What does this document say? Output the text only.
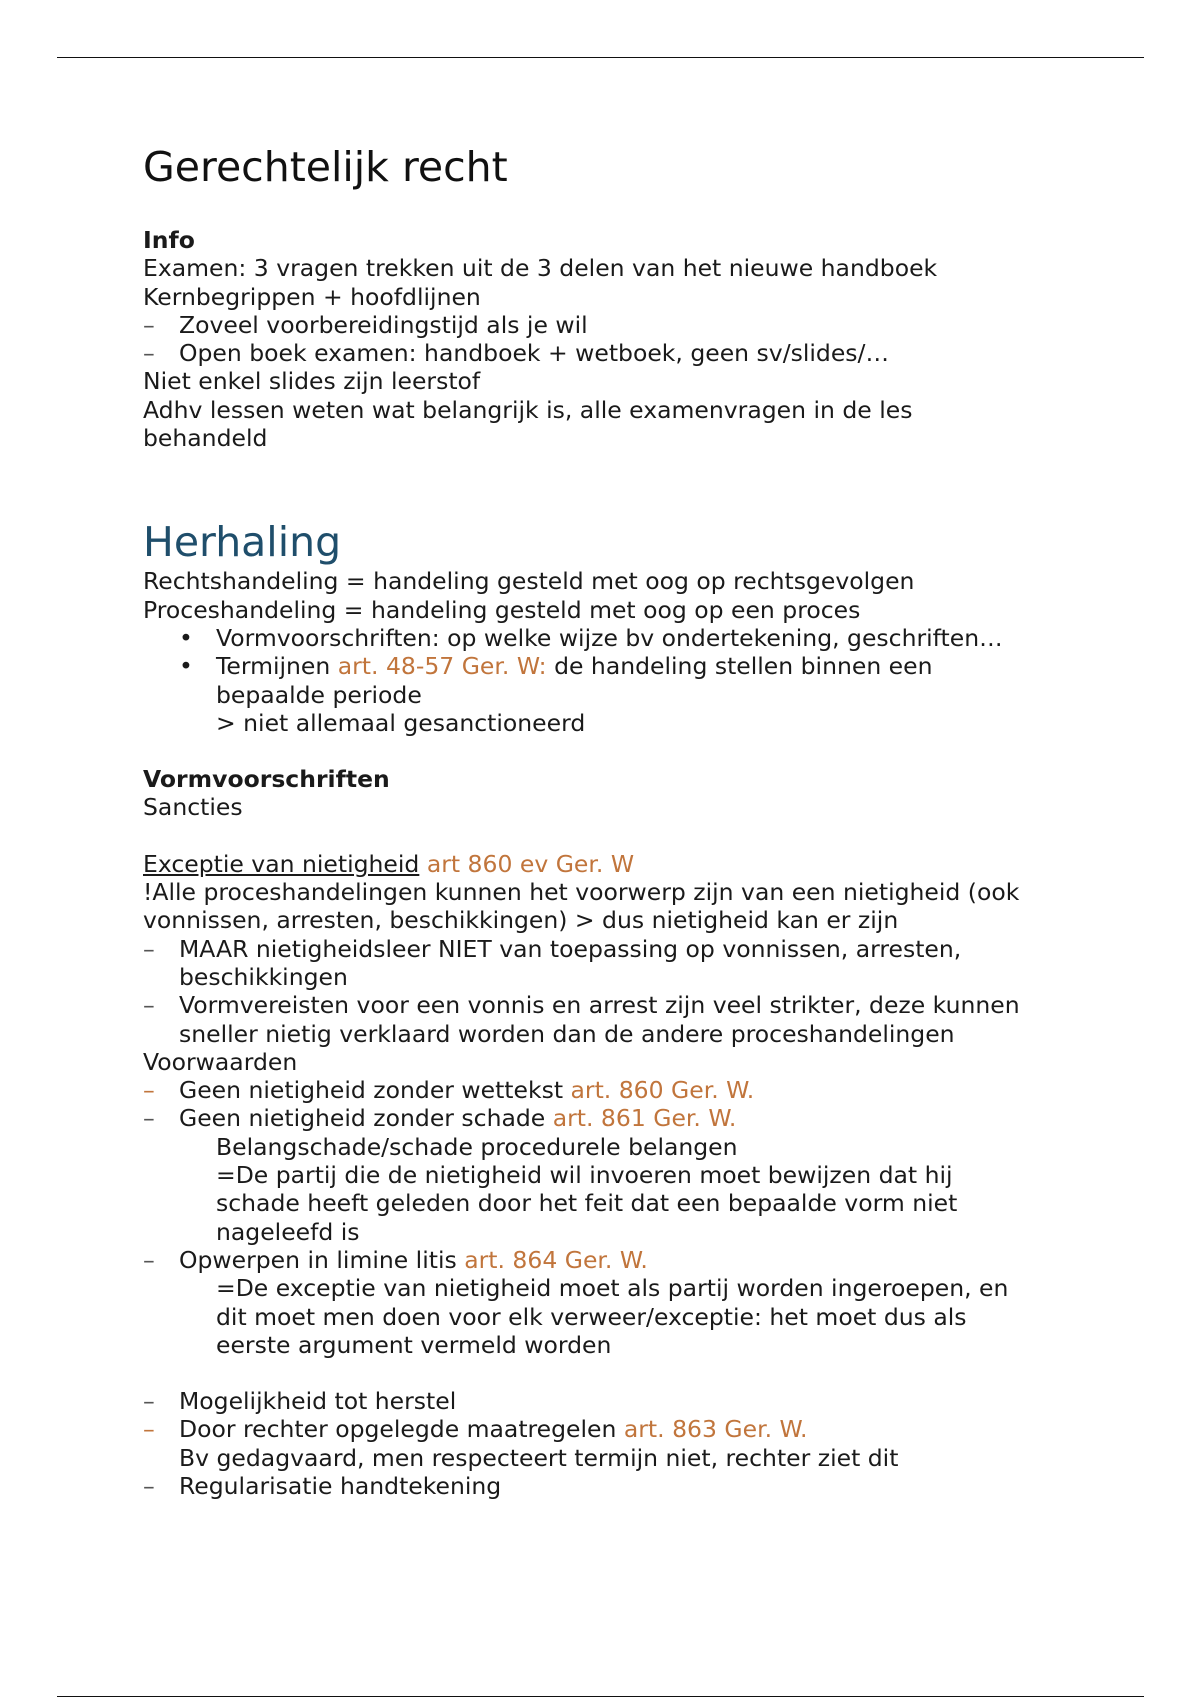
Gerechtelijk recht
Info
Examen: 3 vragen trekken uit de 3 delen van het nieuwe handboek
Kernbegrippen + hoofdlijnen
– Zoveel voorbereidingstijd als je wil
– Open boek examen: handboek + wetboek, geen sv/slides/…
Niet enkel slides zijn leerstof
Adhv lessen weten wat belangrijk is, alle examenvragen in de les
behandeld
Herhaling
Rechtshandeling = handeling gesteld met oog op rechtsgevolgen
Proceshandeling = handeling gesteld met oog op een proces
• Vormvoorschriften: op welke wijze bv ondertekening, geschriften…
• Termijnen art. 48-57 Ger. W: de handeling stellen binnen een
bepaalde periode
> niet allemaal gesanctioneerd
Vormvoorschriften
Sancties
Exceptie van nietigheid art 860 ev Ger. W
!Alle proceshandelingen kunnen het voorwerp zijn van een nietigheid (ook
vonnissen, arresten, beschikkingen) > dus nietigheid kan er zijn
– MAAR nietigheidsleer NIET van toepassing op vonnissen, arresten,
beschikkingen
– Vormvereisten voor een vonnis en arrest zijn veel strikter, deze kunnen
sneller nietig verklaard worden dan de andere proceshandelingen
Voorwaarden
– Geen nietigheid zonder wettekst art. 860 Ger. W.
– Geen nietigheid zonder schade art. 861 Ger. W.
Belangschade/schade procedurele belangen
=De partij die de nietigheid wil invoeren moet bewijzen dat hij
schade heeft geleden door het feit dat een bepaalde vorm niet
nageleefd is
– Opwerpen in limine litis art. 864 Ger. W.
=De exceptie van nietigheid moet als partij worden ingeroepen, en
dit moet men doen voor elk verweer/exceptie: het moet dus als
eerste argument vermeld worden
– Mogelijkheid tot herstel
– Door rechter opgelegde maatregelen art. 863 Ger. W.
Bv gedagvaard, men respecteert termijn niet, rechter ziet dit
– Regularisatie handtekening
